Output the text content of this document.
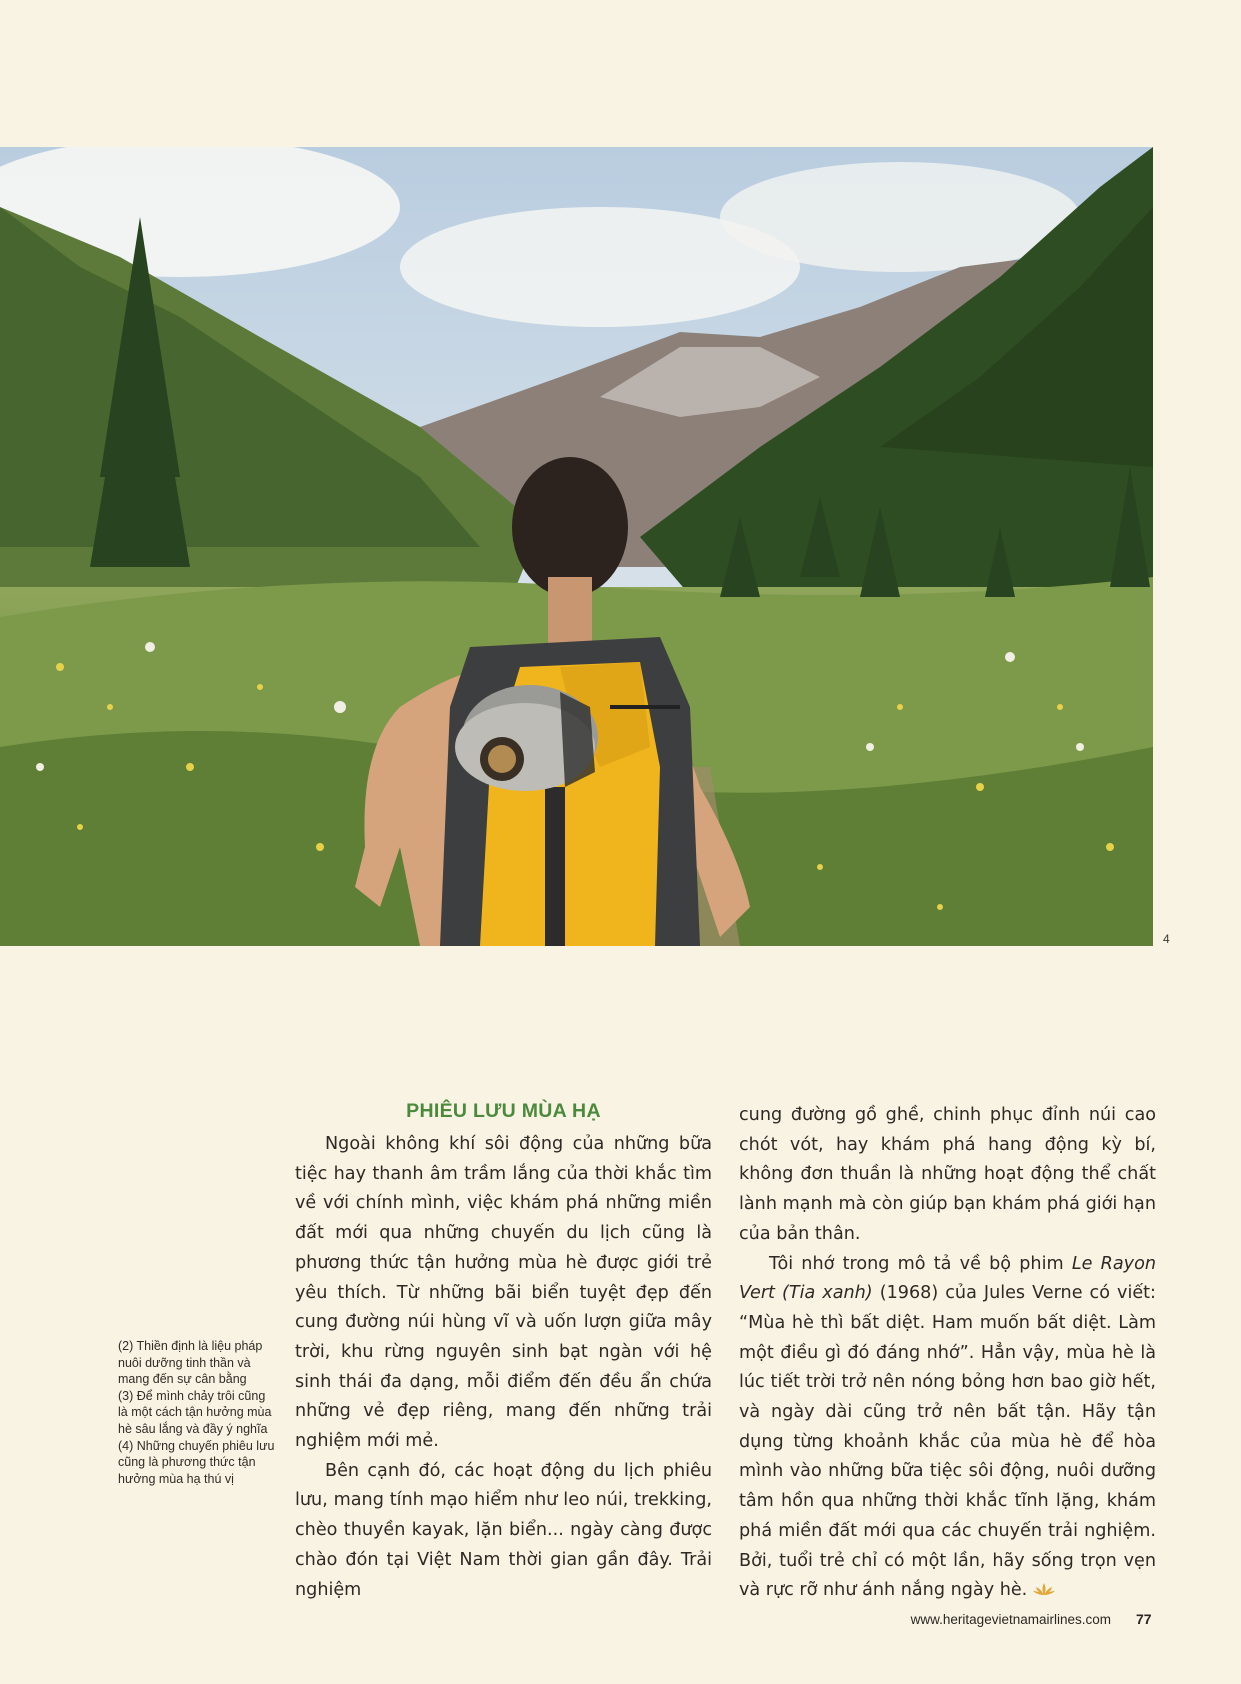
4

(2) Thiền định là liệu pháp nuôi dưỡng tinh thần và mang đến sự cân bằng

(3) Để mình chảy trôi cũng là một cách tận hưởng mùa hè sâu lắng và đầy ý nghĩa

(4) Những chuyến phiêu lưu cũng là phương thức tận hưởng mùa hạ thú vị

PHIÊU LƯU MÙA HẠ

Ngoài không khí sôi động của những bữa tiệc hay thanh âm trầm lắng của thời khắc tìm về với chính mình, việc khám phá những miền đất mới qua những chuyến du lịch cũng là phương thức tận hưởng mùa hè được giới trẻ yêu thích. Từ những bãi biển tuyệt đẹp đến cung đường núi hùng vĩ và uốn lượn giữa mây trời, khu rừng nguyên sinh bạt ngàn với hệ sinh thái đa dạng, mỗi điểm đến đều ẩn chứa những vẻ đẹp riêng, mang đến những trải nghiệm mới mẻ.

Bên cạnh đó, các hoạt động du lịch phiêu lưu, mang tính mạo hiểm như leo núi, trekking, chèo thuyền kayak, lặn biển... ngày càng được chào đón tại Việt Nam thời gian gần đây. Trải nghiệm

cung đường gồ ghề, chinh phục đỉnh núi cao chót vót, hay khám phá hang động kỳ bí, không đơn thuần là những hoạt động thể chất lành mạnh mà còn giúp bạn khám phá giới hạn của bản thân.

Tôi nhớ trong mô tả về bộ phim Le Rayon Vert (Tia xanh) (1968) của Jules Verne có viết: “Mùa hè thì bất diệt. Ham muốn bất diệt. Làm một điều gì đó đáng nhớ”. Hẳn vậy, mùa hè là lúc tiết trời trở nên nóng bỏng hơn bao giờ hết, và ngày dài cũng trở nên bất tận. Hãy tận dụng từng khoảnh khắc của mùa hè để hòa mình vào những bữa tiệc sôi động, nuôi dưỡng tâm hồn qua những thời khắc tĩnh lặng, khám phá miền đất mới qua các chuyến trải nghiệm. Bởi, tuổi trẻ chỉ có một lần, hãy sống trọn vẹn và rực rỡ như ánh nắng ngày hè.

www.heritagevietnamairlines.com 77
